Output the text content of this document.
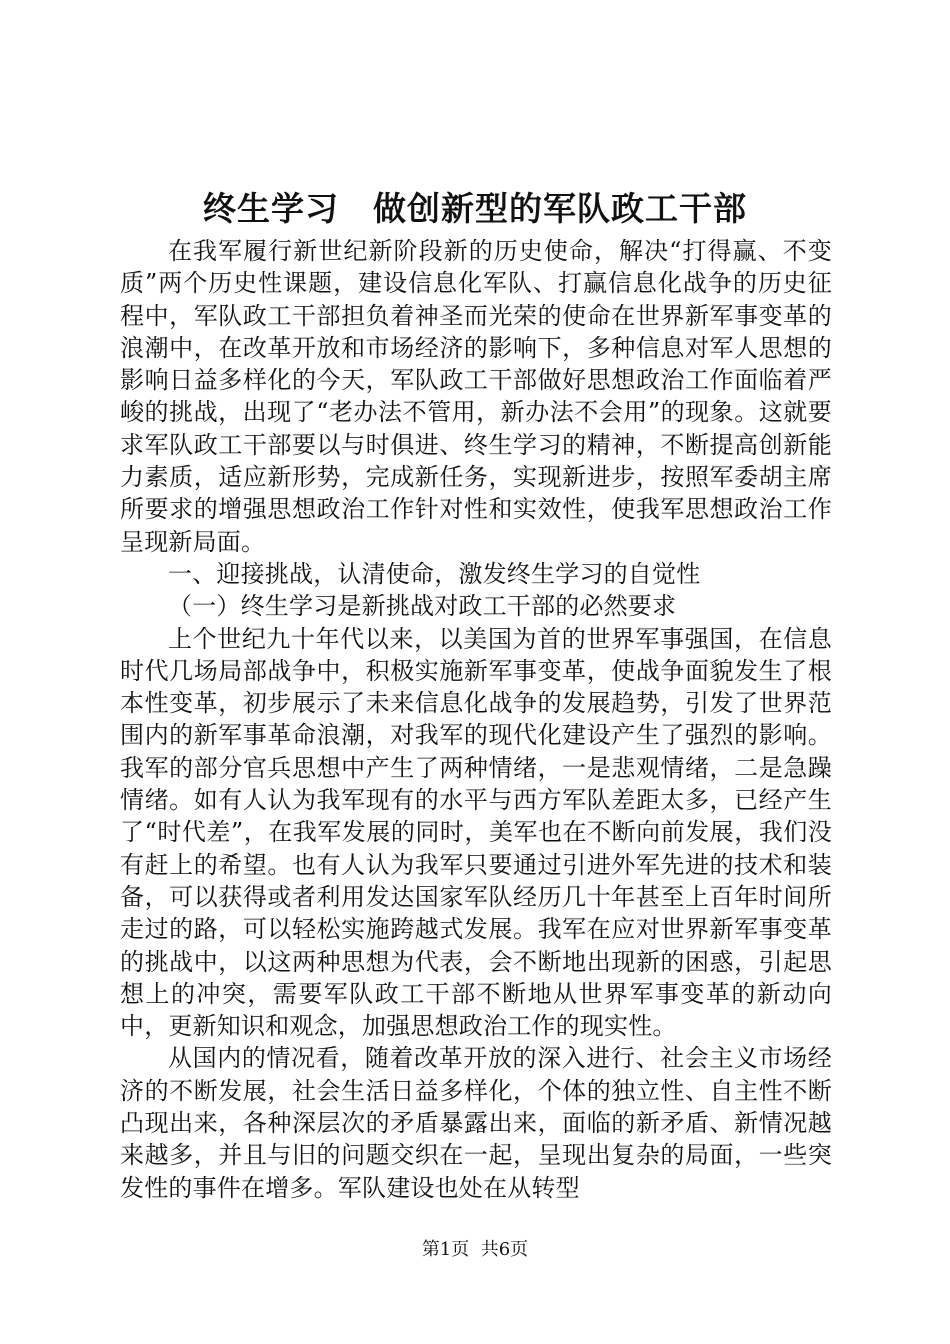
终生学习　做创新型的军队政工干部

在我军履行新世纪新阶段新的历史使命，解决“打得赢、不变质”两个历史性课题，建设信息化军队、打赢信息化战争的历史征程中，军队政工干部担负着神圣而光荣的使命在世界新军事变革的浪潮中，在改革开放和市场经济的影响下，多种信息对军人思想的影响日益多样化的今天，军队政工干部做好思想政治工作面临着严峻的挑战，出现了“老办法不管用，新办法不会用”的现象。这就要求军队政工干部要以与时俱进、终生学习的精神，不断提高创新能力素质，适应新形势，完成新任务，实现新进步，按照军委胡主席所要求的增强思想政治工作针对性和实效性，使我军思想政治工作呈现新局面。

一、迎接挑战，认清使命，激发终生学习的自觉性

（一）终生学习是新挑战对政工干部的必然要求

上个世纪九十年代以来，以美国为首的世界军事强国，在信息时代几场局部战争中，积极实施新军事变革，使战争面貌发生了根本性变革，初步展示了未来信息化战争的发展趋势，引发了世界范围内的新军事革命浪潮，对我军的现代化建设产生了强烈的影响。我军的部分官兵思想中产生了两种情绪，一是悲观情绪，二是急躁情绪。如有人认为我军现有的水平与西方军队差距太多，已经产生了“时代差”，在我军发展的同时，美军也在不断向前发展，我们没有赶上的希望。也有人认为我军只要通过引进外军先进的技术和装备，可以获得或者利用发达国家军队经历几十年甚至上百年时间所走过的路，可以轻松实施跨越式发展。我军在应对世界新军事变革的挑战中，以这两种思想为代表，会不断地出现新的困惑，引起思想上的冲突，需要军队政工干部不断地从世界军事变革的新动向中，更新知识和观念，加强思想政治工作的现实性。

从国内的情况看，随着改革开放的深入进行、社会主义市场经济的不断发展，社会生活日益多样化，个体的独立性、自主性不断凸现出来，各种深层次的矛盾暴露出来，面临的新矛盾、新情况越来越多，并且与旧的问题交织在一起，呈现出复杂的局面，一些突发性的事件在增多。军队建设也处在从转型

第1页 共6页
